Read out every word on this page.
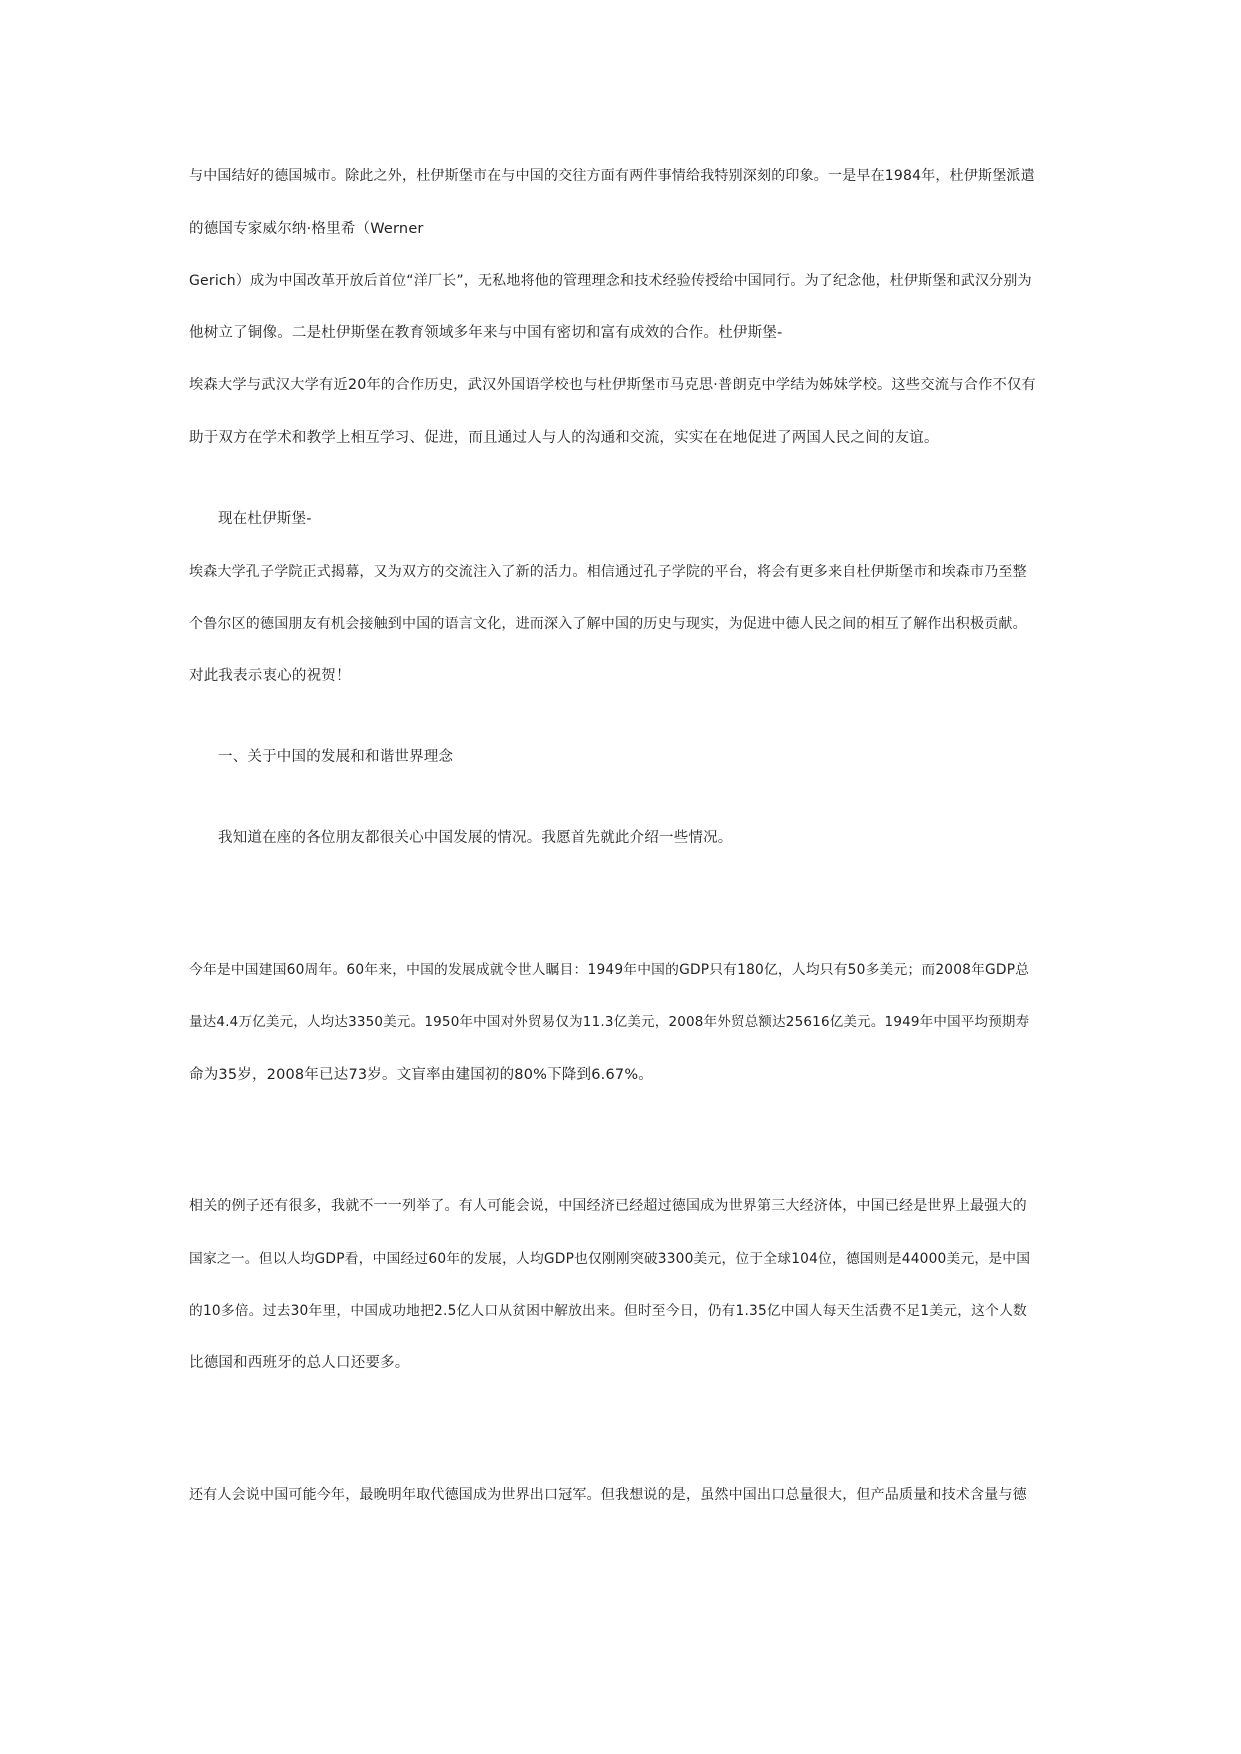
与中国结好的德国城市。除此之外，杜伊斯堡市在与中国的交往方面有两件事情给我特别深刻的印象。一是早在1984年，杜伊斯堡派遣

的德国专家威尔纳·格里希（Werner

Gerich）成为中国改革开放后首位“洋厂长”，无私地将他的管理理念和技术经验传授给中国同行。为了纪念他，杜伊斯堡和武汉分别为

他树立了铜像。二是杜伊斯堡在教育领域多年来与中国有密切和富有成效的合作。杜伊斯堡-

埃森大学与武汉大学有近20年的合作历史，武汉外国语学校也与杜伊斯堡市马克思·普朗克中学结为姊妹学校。这些交流与合作不仅有

助于双方在学术和教学上相互学习、促进，而且通过人与人的沟通和交流，实实在在地促进了两国人民之间的友谊。

现在杜伊斯堡-

埃森大学孔子学院正式揭幕，又为双方的交流注入了新的活力。相信通过孔子学院的平台，将会有更多来自杜伊斯堡市和埃森市乃至整

个鲁尔区的德国朋友有机会接触到中国的语言文化，进而深入了解中国的历史与现实，为促进中德人民之间的相互了解作出积极贡献。

对此我表示衷心的祝贺！

一、关于中国的发展和和谐世界理念

我知道在座的各位朋友都很关心中国发展的情况。我愿首先就此介绍一些情况。

今年是中国建国60周年。60年来，中国的发展成就令世人瞩目：1949年中国的GDP只有180亿，人均只有50多美元；而2008年GDP总

量达4.4万亿美元，人均达3350美元。1950年中国对外贸易仅为11.3亿美元，2008年外贸总额达25616亿美元。1949年中国平均预期寿

命为35岁，2008年已达73岁。文盲率由建国初的80%下降到6.67%。

相关的例子还有很多，我就不一一列举了。有人可能会说，中国经济已经超过德国成为世界第三大经济体，中国已经是世界上最强大的

国家之一。但以人均GDP看，中国经过60年的发展，人均GDP也仅刚刚突破3300美元，位于全球104位，德国则是44000美元，是中国

的10多倍。过去30年里，中国成功地把2.5亿人口从贫困中解放出来。但时至今日，仍有1.35亿中国人每天生活费不足1美元，这个人数

比德国和西班牙的总人口还要多。

还有人会说中国可能今年，最晚明年取代德国成为世界出口冠军。但我想说的是，虽然中国出口总量很大，但产品质量和技术含量与德
